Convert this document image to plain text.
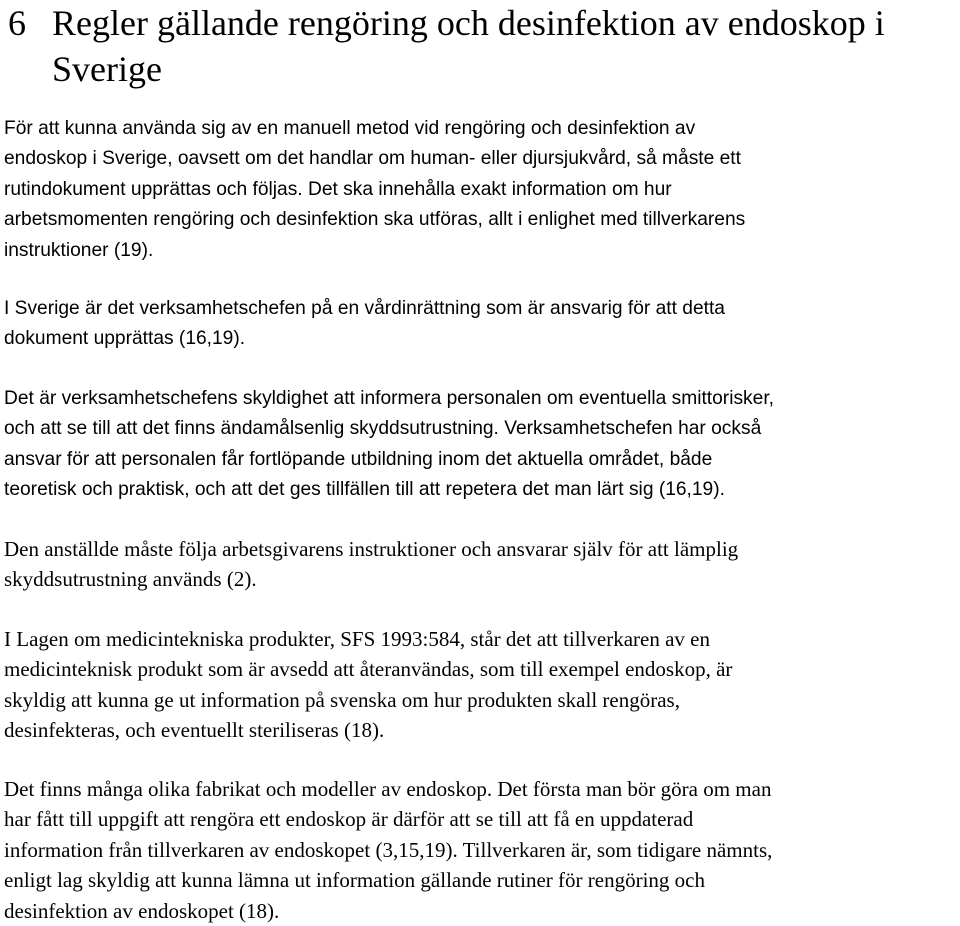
6 Regler gällande rengöring och desinfektion av endoskop i Sverige

För att kunna använda sig av en manuell metod vid rengöring och desinfektion av
endoskop i Sverige, oavsett om det handlar om human- eller djursjukvård, så måste ett
rutindokument upprättas och följas. Det ska innehålla exakt information om hur
arbetsmomenten rengöring och desinfektion ska utföras, allt i enlighet med tillverkarens
instruktioner (19).

I Sverige är det verksamhetschefen på en vårdinrättning som är ansvarig för att detta
dokument upprättas (16,19).

Det är verksamhetschefens skyldighet att informera personalen om eventuella smittorisker,
och att se till att det finns ändamålsenlig skyddsutrustning. Verksamhetschefen har också
ansvar för att personalen får fortlöpande utbildning inom det aktuella området, både
teoretisk och praktisk, och att det ges tillfällen till att repetera det man lärt sig (16,19).

Den anställde måste följa arbetsgivarens instruktioner och ansvarar själv för att lämplig
skyddsutrustning används (2).

I Lagen om medicintekniska produkter, SFS 1993:584, står det att tillverkaren av en
medicinteknisk produkt som är avsedd att återanvändas, som till exempel endoskop, är
skyldig att kunna ge ut information på svenska om hur produkten skall rengöras,
desinfekteras, och eventuellt steriliseras (18).

Det finns många olika fabrikat och modeller av endoskop. Det första man bör göra om man
har fått till uppgift att rengöra ett endoskop är därför att se till att få en uppdaterad
information från tillverkaren av endoskopet (3,15,19). Tillverkaren är, som tidigare nämnts,
enligt lag skyldig att kunna lämna ut information gällande rutiner för rengöring och
desinfektion av endoskopet (18).
